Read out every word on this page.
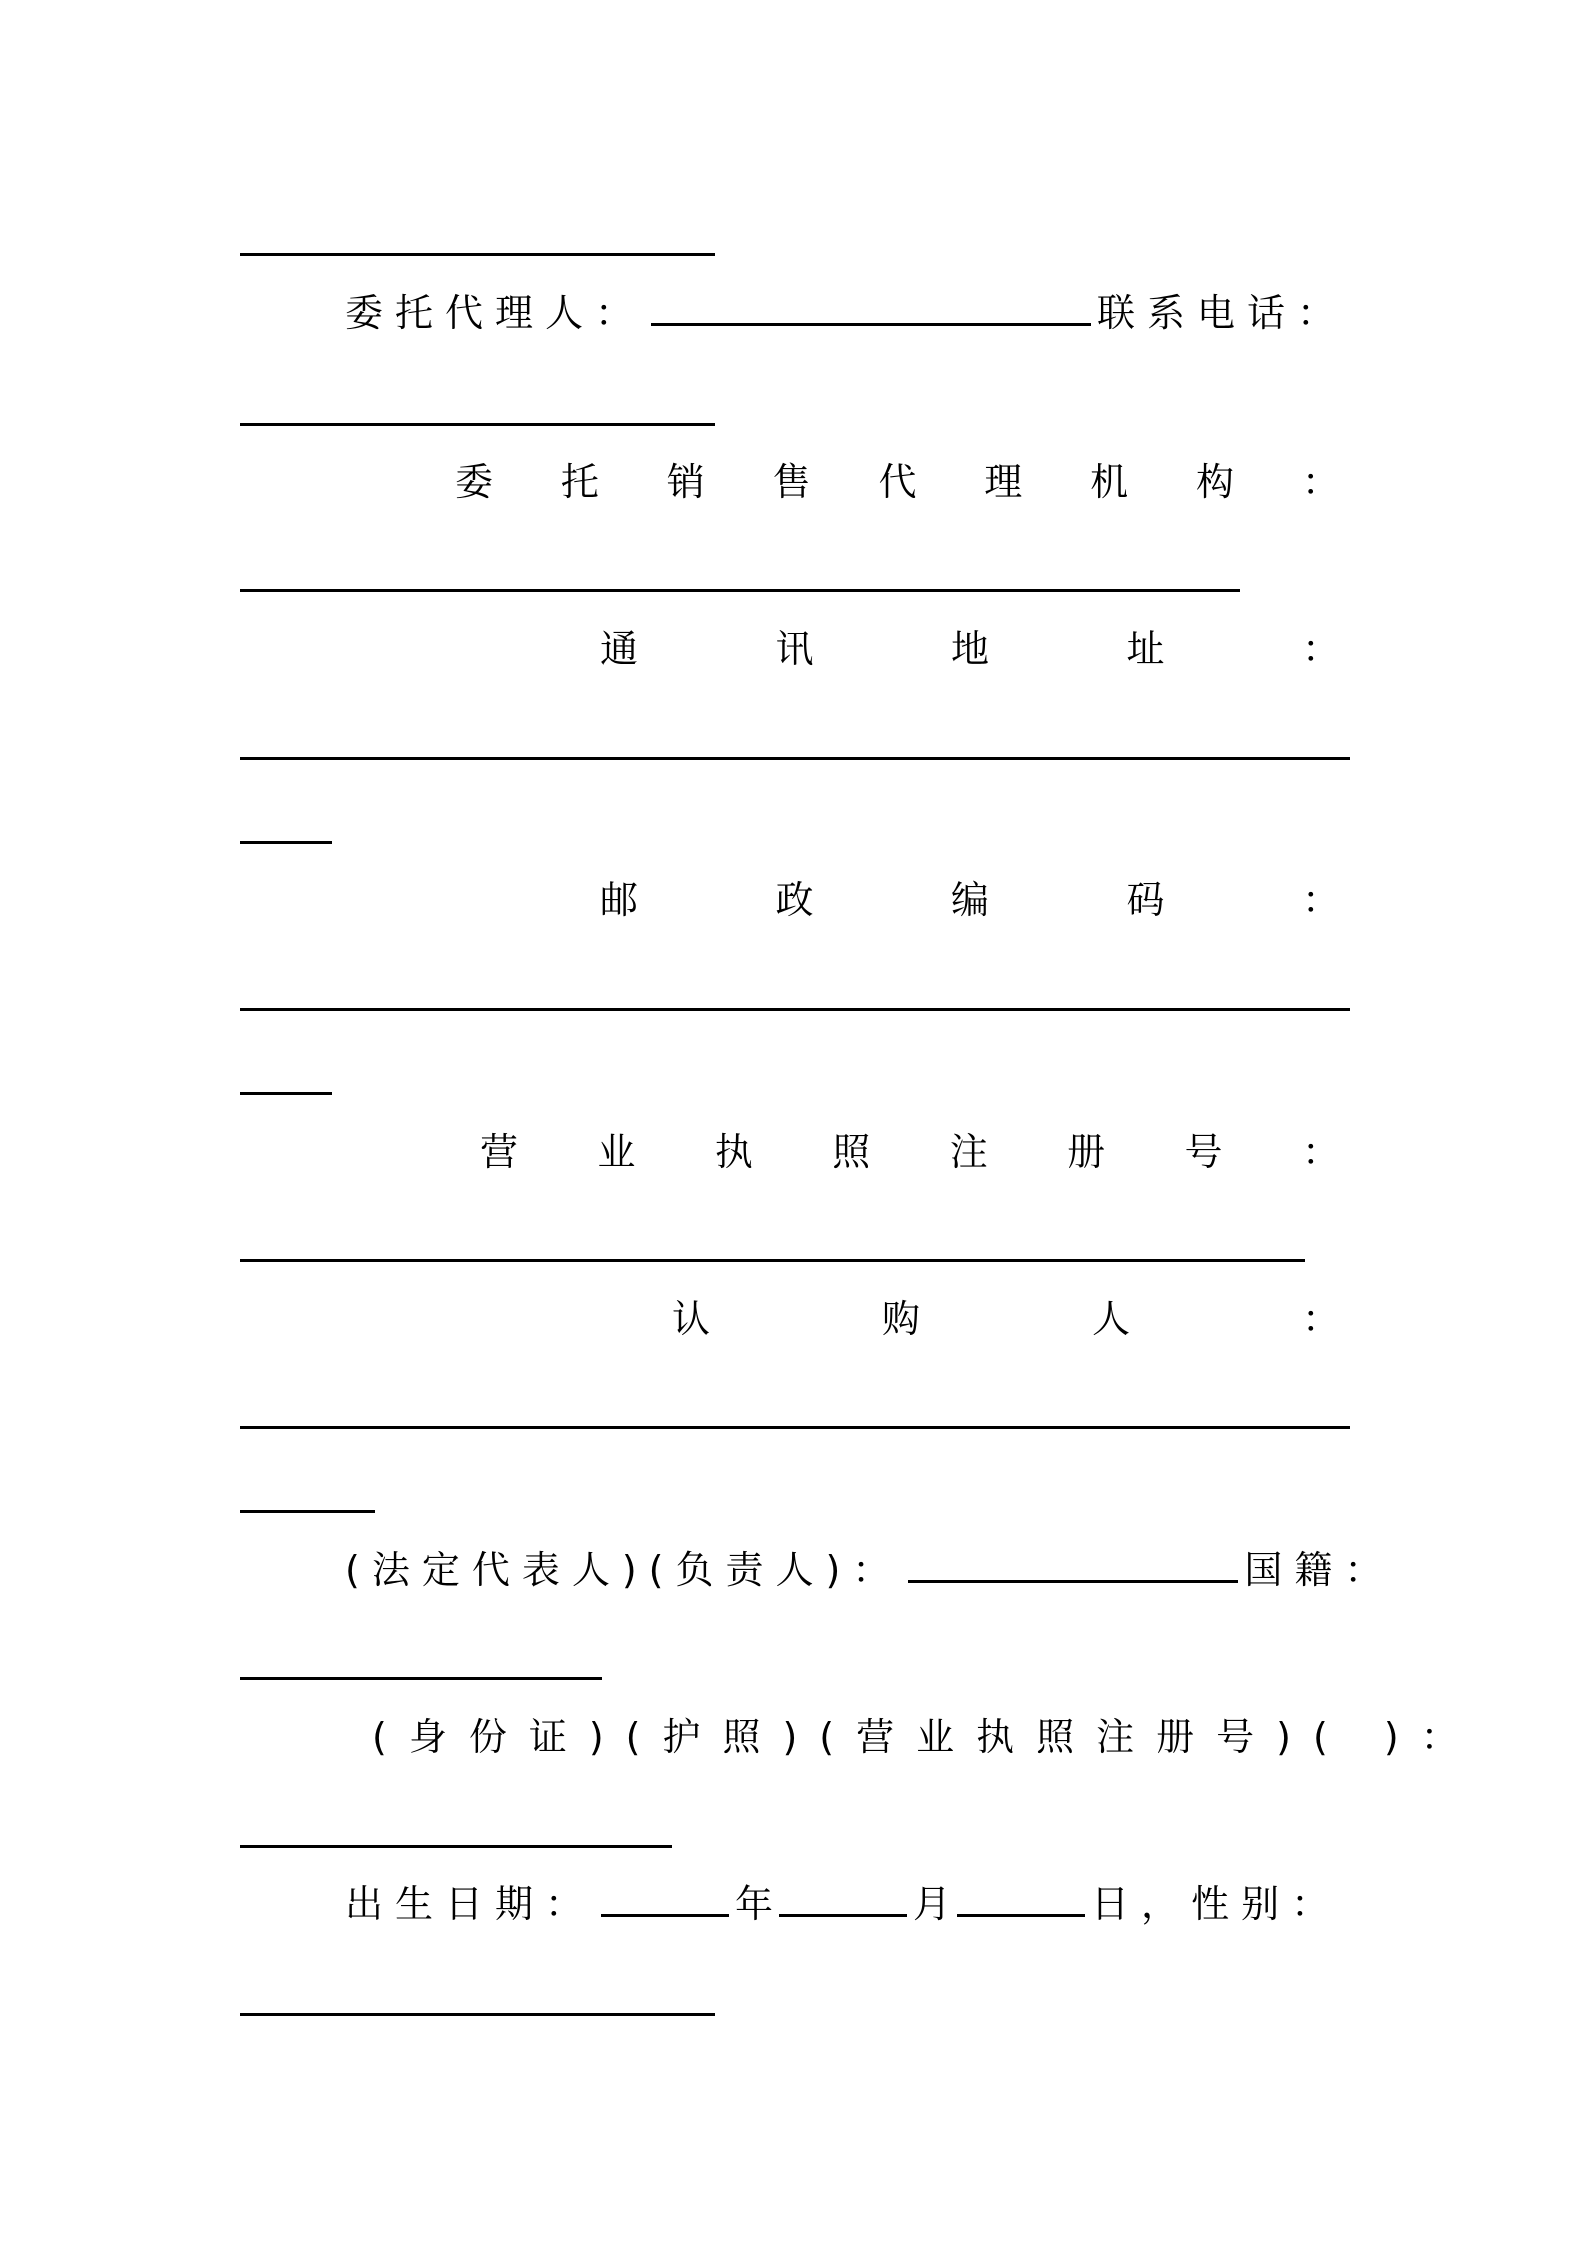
委托代理人：	联系电话：
委 托 销 售 代 理 机 构 ：
通	讯	地	址	：
邮	政	编	码	：
营 业 执 照 注 册 号 ：
认	购	人	：
(法定代表人)(负责人)：	国籍：
(身份证)(护照)(营业执照注册号)( )：
出生日期：	年	月	日，性别：
